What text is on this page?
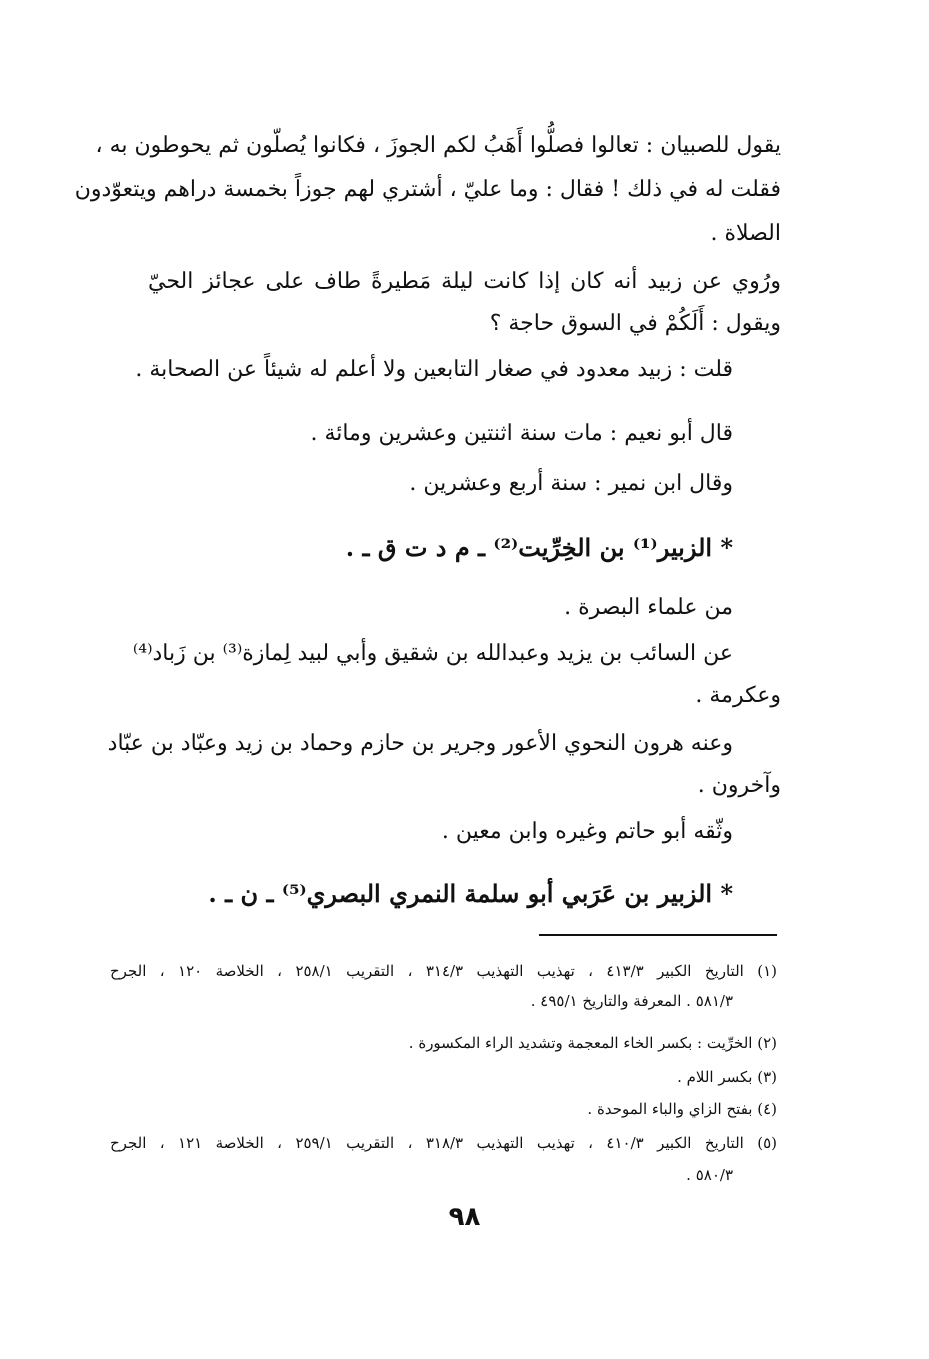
يقول للصبيان : تعالوا فصلُّوا أَهَبُ لكم الجوزَ ، فكانوا يُصلّون ثم يحوطون به ،
فقلت له في ذلك ! فقال : وما عليّ ، أشتري لهم جوزاً بخمسة دراهم ويتعوّدون
الصلاة .
ورُوي عن زبيد أنه كان إذا كانت ليلة مَطيرةً طاف على عجائز الحيّ
ويقول : أَلَكُمْ في السوق حاجة ؟
قلت : زبيد معدود في صغار التابعين ولا أعلم له شيئاً عن الصحابة .
قال أبو نعيم : مات سنة اثنتين وعشرين ومائة .
وقال ابن نمير : سنة أربع وعشرين .
* الزبير⁽¹⁾ بن الخِرِّيت⁽²⁾ ـ م د ت ق ـ .
من علماء البصرة .
عن السائب بن يزيد وعبدالله بن شقيق وأبي لبيد لِمازة⁽³⁾ بن زَباد⁽⁴⁾
وعكرمة .
وعنه هرون النحوي الأعور وجرير بن حازم وحماد بن زيد وعبّاد بن عبّاد
وآخرون .
وثّقه أبو حاتم وغيره وابن معين .
* الزبير بن عَرَبي أبو سلمة النمري البصري⁽⁵⁾ ـ ن ـ .
(١) التاريخ الكبير ٤١٣/٣ ، تهذيب التهذيب ٣١٤/٣ ، التقريب ٢٥٨/١ ، الخلاصة ١٢٠ ، الجرح
٥٨١/٣ . المعرفة والتاريخ ٤٩٥/١ .
(٢) الخرِّيت : بكسر الخاء المعجمة وتشديد الراء المكسورة .
(٣) بكسر اللام .
(٤) بفتح الزاي والباء الموحدة .
(٥) التاريخ الكبير ٤١٠/٣ ، تهذيب التهذيب ٣١٨/٣ ، التقريب ٢٥٩/١ ، الخلاصة ١٢١ ، الجرح
٥٨٠/٣ .
٩٨
